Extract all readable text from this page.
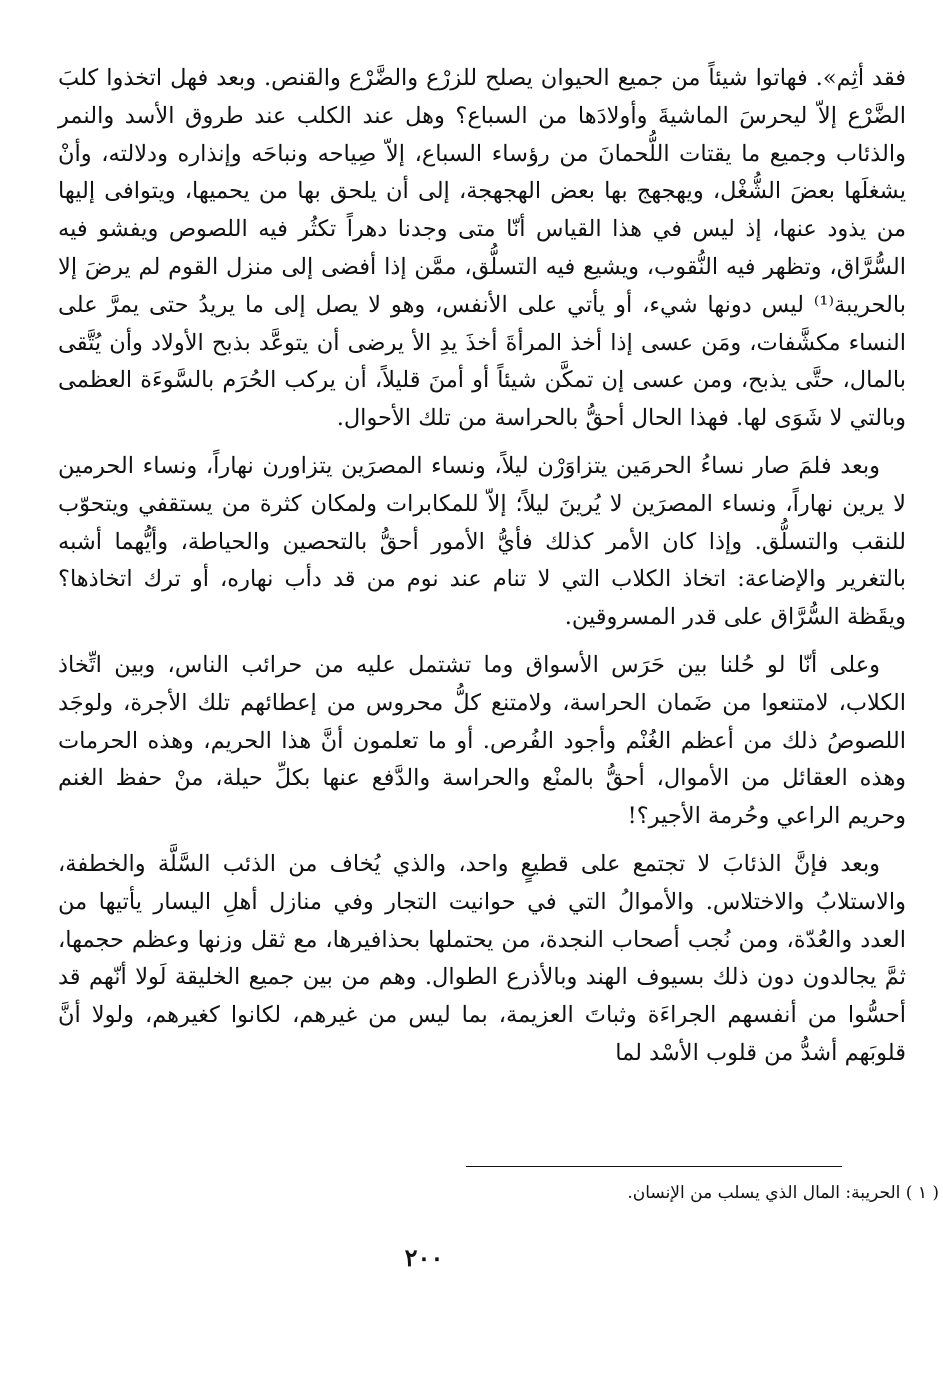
فقد أثِم». فهاتوا شيئاً من جميع الحيوان يصلح للزرْع والضَّرْع والقنص. وبعد فهل اتخذوا كلبَ الضَّرْع إلاّ ليحرسَ الماشيةَ وأولادَها من السباع؟ وهل عند الكلب عند طروق الأسد والنمر والذئاب وجميع ما يقتات اللُّحمانَ من رؤساء السباع، إلاّ صِياحه ونباحَه وإنذاره ودلالته، وأنْ يشغلَها بعضَ الشُّغْل، ويهجهج بها بعض الهجهجة، إلى أن يلحق بها من يحميها، ويتوافى إليها من يذود عنها، إذ ليس في هذا القياس أنّا متى وجدنا دهراً تكثُر فيه اللصوص ويفشو فيه السُّرَّاق، وتظهر فيه النُّقوب، ويشيع فيه التسلُّق، ممَّن إذا أفضى إلى منزل القوم لم يرضَ إلا بالحريبة⁽¹⁾ ليس دونها شيء، أو يأتي على الأنفس، وهو لا يصل إلى ما يريدُ حتى يمرَّ على النساء مكشَّفات، ومَن عسى إذا أخذ المرأةَ أخذَ يدِ الأ يرضى أن يتوعَّد بذبح الأولاد وأن يُتَّقى بالمال، حتَّى يذبح، ومن عسى إن تمكَّن شيئاً أو أمنَ قليلاً، أن يركب الحُرَم بالسَّوءَة العظمى وبالتي لا شَوَى لها. فهذا الحال أحقُّ بالحراسة من تلك الأحوال.

وبعد فلمَ صار نساءُ الحرمَين يتزاوَرْن ليلاً، ونساء المصرَين يتزاورن نهاراً، ونساء الحرمين لا يرين نهاراً، ونساء المصرَين لا يُرينَ ليلاً؛ إلاّ للمكابرات ولمكان كثرة من يستقفي ويتحوّب للنقب والتسلُّق. وإذا كان الأمر كذلك فأيُّ الأمور أحقُّ بالتحصين والحياطة، وأيُّهما أشبه بالتغرير والإضاعة: اتخاذ الكلاب التي لا تنام عند نوم من قد دأب نهاره، أو ترك اتخاذها؟ ويقَظة السُّرَّاق على قدر المسروقين.

وعلى أنّا لو حُلنا بين حَرَس الأسواق وما تشتمل عليه من حرائب الناس، وبين اتِّخاذ الكلاب، لامتنعوا من ضَمان الحراسة، ولامتنع كلُّ محروس من إعطائهم تلك الأجرة، ولوجَد اللصوصُ ذلك من أعظم الغُنْم وأجود الفُرص. أو ما تعلمون أنَّ هذا الحريم، وهذه الحرمات وهذه العقائل من الأموال، أحقُّ بالمنْع والحراسة والدَّفع عنها بكلِّ حيلة، منْ حفظ الغنم وحريم الراعي وحُرمة الأجير؟!

وبعد فإنَّ الذئابَ لا تجتمع على قطيعٍ واحد، والذي يُخاف من الذئب السَّلَّة والخطفة، والاستلابُ والاختلاس. والأموالُ التي في حوانيت التجار وفي منازل أهلِ اليسار يأتيها من العدد والعُدّة، ومن نُجب أصحاب النجدة، من يحتملها بحذافيرها، مع ثقل وزنها وعظم حجمها، ثمَّ يجالدون دون ذلك بسيوف الهند وبالأذرع الطوال. وهم من بين جميع الخليقة لَولا أنّهم قد أحسُّوا من أنفسهم الجراءَة وثباتَ العزيمة، بما ليس من غيرهم، لكانوا كغيرهم، ولولا أنَّ قلوبَهم أشدُّ من قلوب الأسْد لما

( ١ ) الحريبة: المال الذي يسلب من الإنسان.
٢٠٠
